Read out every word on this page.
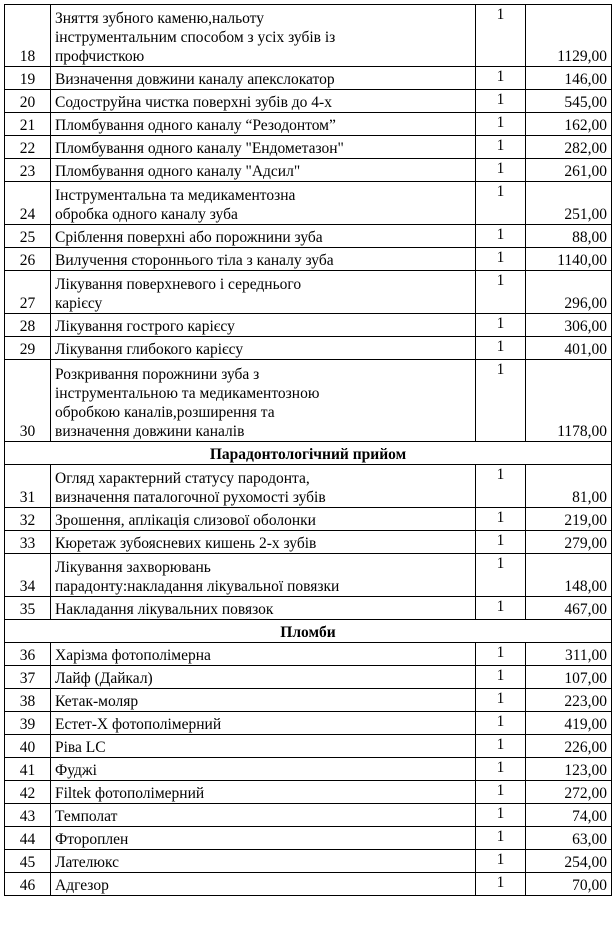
18	Зняття зубного каменю,нальоту
інструментальним способом з усіх зубів із
профчисткою	1	1129,00
19	Визначення довжини каналу апекслокатор	1	146,00
20	Содоструйна чистка поверхні зубів до 4-х	1	545,00
21	Пломбування одного каналу “Резодонтом”	1	162,00
22	Пломбування одного каналу "Ендометазон"	1	282,00
23	Пломбування одного каналу "Адсил"	1	261,00
24	Інструментальна та медикаментозна
обробка одного каналу зуба	1	251,00
25	Сріблення поверхні або порожнини зуба	1	88,00
26	Вилучення стороннього тіла з каналу зуба	1	1140,00
27	Лікування поверхневого і середнього
карієсу	1	296,00
28	Лікування гострого карієсу	1	306,00
29	Лікування глибокого карієсу	1	401,00
30	Розкривання порожнини зуба з
інструментальною та медикаментозною
обробкою каналів,розширення та
визначення довжини каналів	1	1178,00
Парадонтологічний прийом			
31	Огляд характерний статусу пародонта,
визначення паталогочної рухомості зубів	1	81,00
32	Зрошення, аплікація слизової оболонки	1	219,00
33	Кюретаж зубоясневих кишень 2-х зубів	1	279,00
34	Лікування захворювань
парадонту:накладання лікувальної повязки	1	148,00
35	Накладання лікувальних повязок	1	467,00
Пломби			
36	Харізма фотополімерна	1	311,00
37	Лайф (Дайкал)	1	107,00
38	Кетак-моляр	1	223,00
39	Естет-Х фотополімерний	1	419,00
40	Ріва LC	1	226,00
41	Фуджі	1	123,00
42	Filtek фотополімерний	1	272,00
43	Темполат	1	74,00
44	Фтороплен	1	63,00
45	Лателюкс	1	254,00
46	Адгезор	1	70,00
